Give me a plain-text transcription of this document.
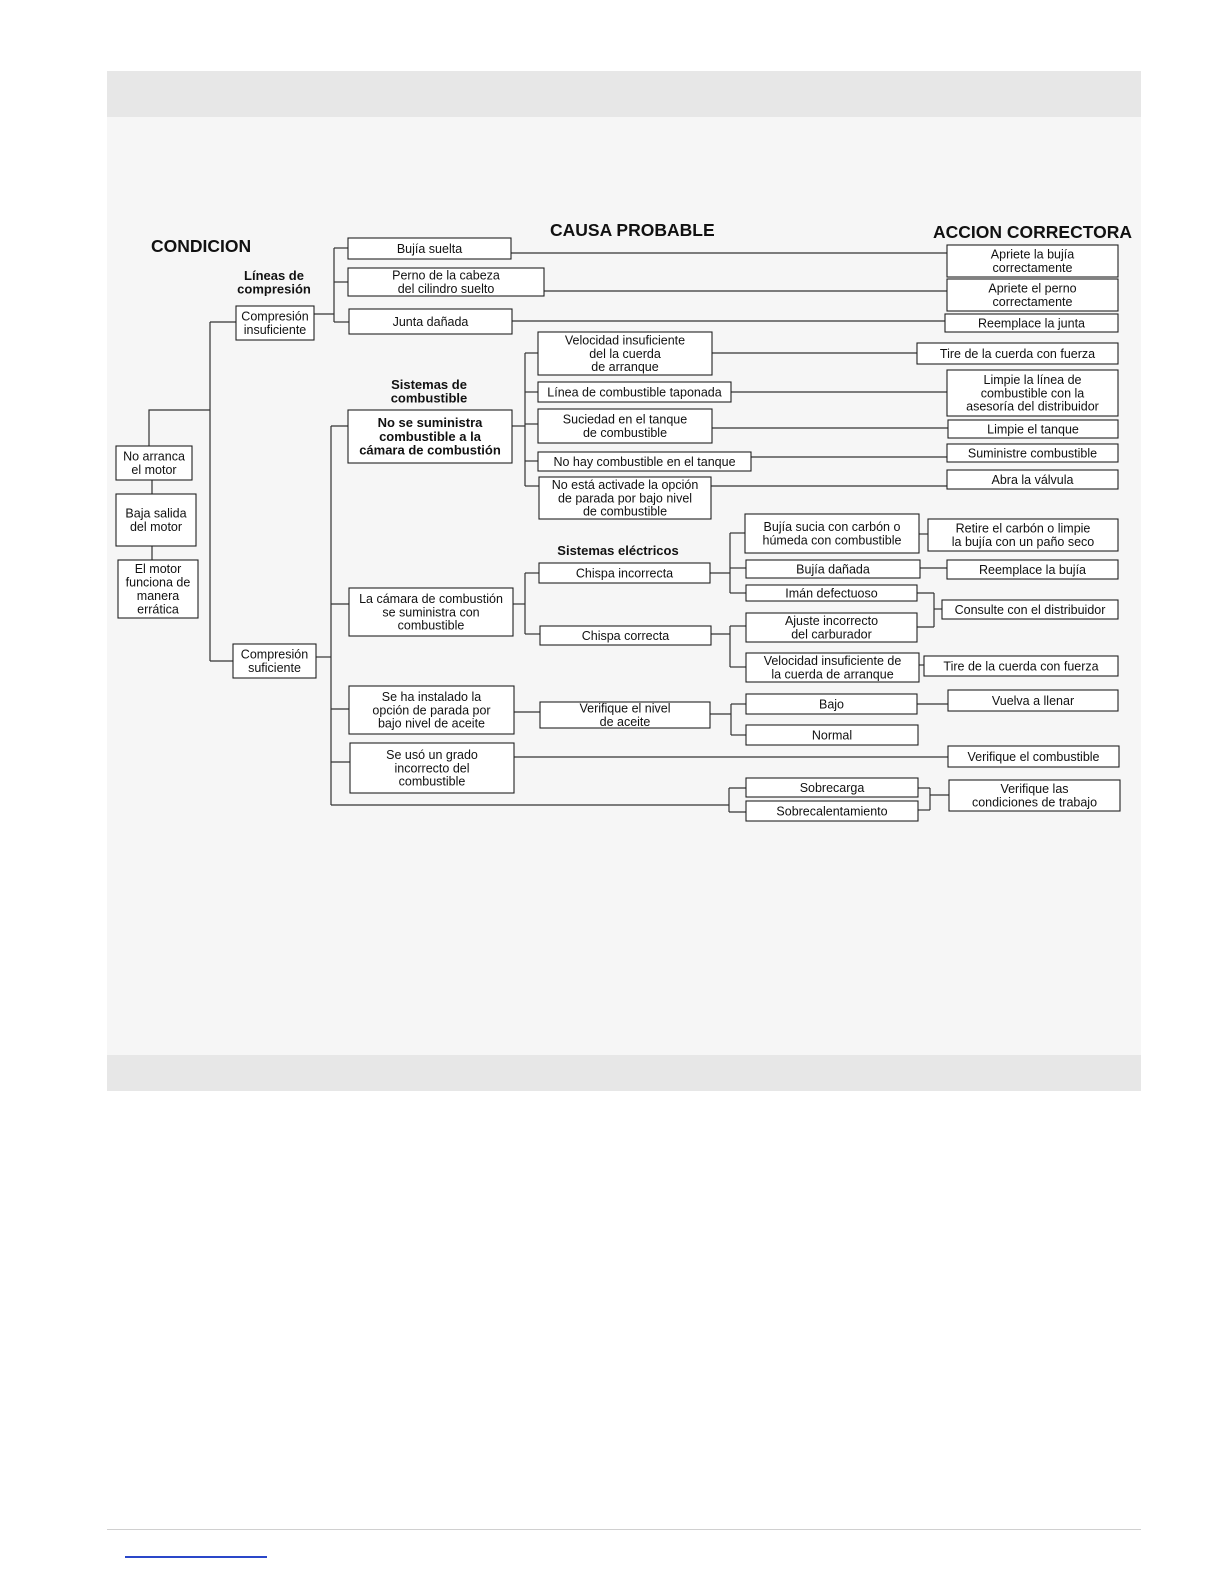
No arranca
el motor
Baja salida
del motor
El motor
funciona de
manera
errática
Compresión
insuficiente
Compresión
suficiente
Bujía suelta
Perno de la cabeza
del cilindro suelto
Junta dañada
No se suministra
combustible a la
cámara de combustión
Velocidad insuficiente
del la cuerda
de arranque
Línea de combustible taponada
Suciedad en el tanque
de combustible
No hay combustible en el tanque
No está activade la opción
de parada por bajo nivel
de combustible
La cámara de combustión
se suministra con
combustible
Chispa incorrecta
Chispa correcta
Bujía sucia con carbón o
húmeda con combustible
Bujía dañada
Imán defectuoso
Ajuste incorrecto
del carburador
Velocidad insuficiente de
la cuerda de arranque
Se ha instalado la
opción de parada por
bajo nivel de aceite
Verifique el nivel
de aceite
Bajo
Normal
Se usó un grado
incorrecto del
combustible	Sobrecarga
Sobrecalentamiento
Apriete la bujía
correctamente
Apriete el perno
correctamente
Reemplace la junta
Tire de la cuerda con fuerza
Limpie la línea de
combustible con la
asesoría del distribuidor
Limpie el tanque
Suministre combustible
Abra la válvula
Retire el carbón o limpie
la bujía con un paño seco
Reemplace la bujía
Consulte con el distribuidor
Tire de la cuerda con fuerza
Vuelva a llenar
Verifique el combustible
Verifique las
condiciones de trabajo
CONDICION
CAUSA PROBABLE	ACCION CORRECTORA
Líneas de
compresión
Sistemas de
combustible
Sistemas eléctricos
